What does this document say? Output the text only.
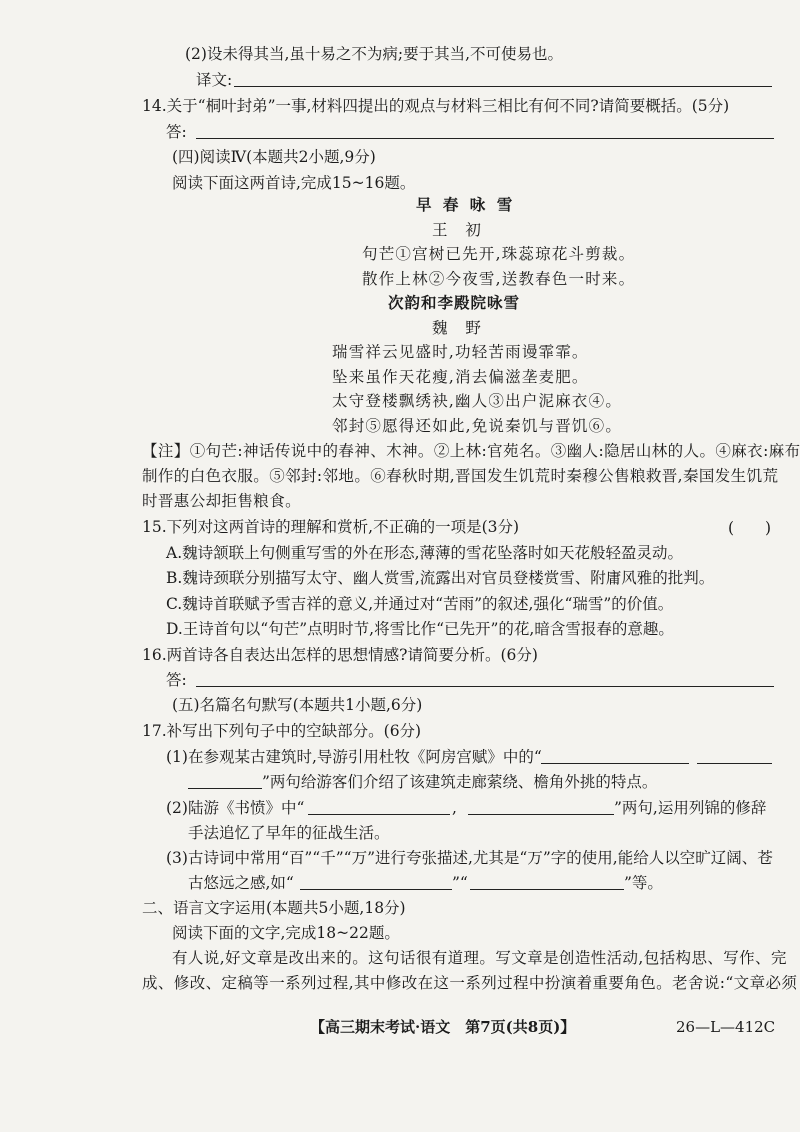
(2)设未得其当,虽十易之不为病;要于其当,不可使易也。
译文:
14.关于“桐叶封弟”一事,材料四提出的观点与材料三相比有何不同?请简要概括。(5分)
答:
(四)阅读Ⅳ(本题共2小题,9分)
阅读下面这两首诗,完成15~16题。
早 春 咏 雪
王　初
句芒①宫树已先开,珠蕊琼花斗剪裁。
散作上林②今夜雪,送教春色一时来。
次韵和李殿院咏雪
魏　野
瑞雪祥云见盛时,功轻苦雨谩霏霏。
坠来虽作天花瘦,消去偏滋垄麦肥。
太守登楼飘绣袂,幽人③出户泥麻衣④。
邻封⑤愿得还如此,免说秦饥与晋饥⑥。
【注】①句芒:神话传说中的春神、木神。②上林:官苑名。③幽人:隐居山林的人。④麻衣:麻布
制作的白色衣服。⑤邻封:邻地。⑥春秋时期,晋国发生饥荒时秦穆公售粮救晋,秦国发生饥荒
时晋惠公却拒售粮食。
15.下列对这两首诗的理解和赏析,不正确的一项是(3分)	(　　)
A.魏诗颔联上句侧重写雪的外在形态,薄薄的雪花坠落时如天花般轻盈灵动。
B.魏诗颈联分别描写太守、幽人赏雪,流露出对官员登楼赏雪、附庸风雅的批判。
C.魏诗首联赋予雪吉祥的意义,并通过对“苦雨”的叙述,强化“瑞雪”的价值。
D.王诗首句以“句芒”点明时节,将雪比作“已先开”的花,暗含雪报春的意趣。
16.两首诗各自表达出怎样的思想情感?请简要分析。(6分)
答:
(五)名篇名句默写(本题共1小题,6分)
17.补写出下列句子中的空缺部分。(6分)
(1)在参观某古建筑时,导游引用杜牧《阿房宫赋》中的“
”两句给游客们介绍了该建筑走廊萦绕、檐角外挑的特点。
(2)陆游《书愤》中“	,	”两句,运用列锦的修辞
手法追忆了早年的征战生活。
(3)古诗词中常用“百”“千”“万”进行夸张描述,尤其是“万”字的使用,能给人以空旷辽阔、苍
古悠远之感,如“	”“	”等。
二、语言文字运用(本题共5小题,18分)
阅读下面的文字,完成18~22题。
有人说,好文章是改出来的。这句话很有道理。写文章是创造性活动,包括构思、写作、完
成、修改、定稿等一系列过程,其中修改在这一系列过程中扮演着重要角色。老舍说:“文章必须
【高三期末考试·语文　第7页(共8页)】	26—L—412C
